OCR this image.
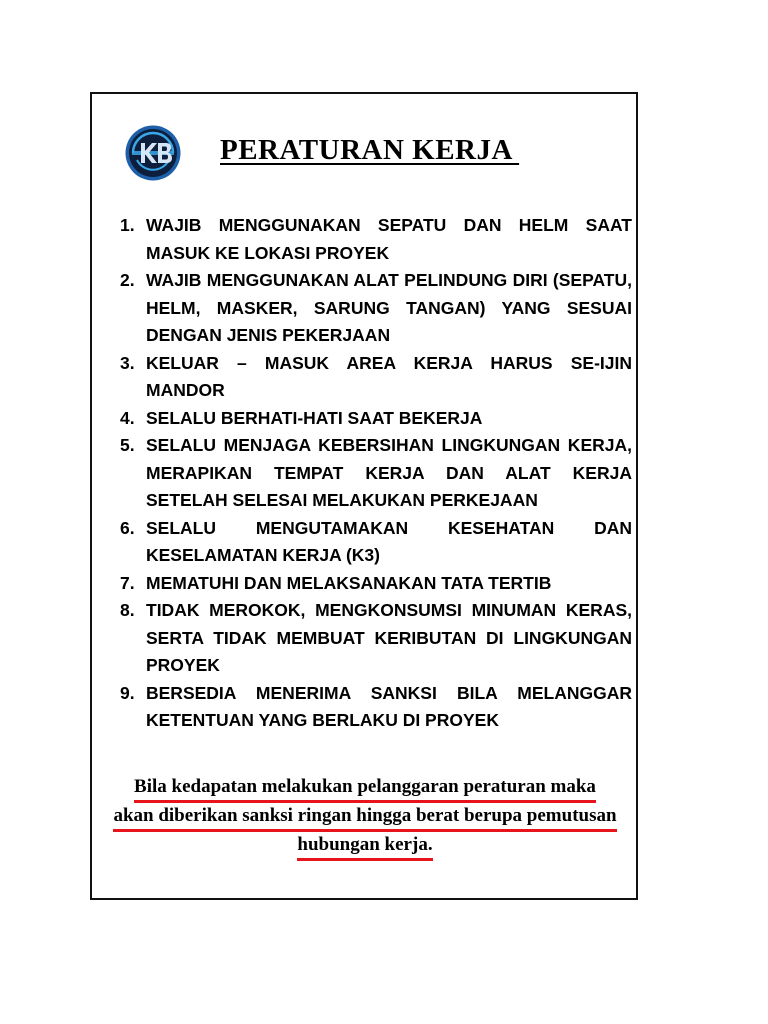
PERATURAN KERJA
1. WAJIB MENGGUNAKAN SEPATU DAN HELM SAAT MASUK KE LOKASI PROYEK
2. WAJIB MENGGUNAKAN ALAT PELINDUNG DIRI (SEPATU, HELM, MASKER, SARUNG TANGAN) YANG SESUAI DENGAN JENIS PEKERJAAN
3. KELUAR – MASUK AREA KERJA HARUS SE-IJIN MANDOR
4. SELALU BERHATI-HATI SAAT BEKERJA
5. SELALU MENJAGA KEBERSIHAN LINGKUNGAN KERJA, MERAPIKAN TEMPAT KERJA DAN ALAT KERJA SETELAH SELESAI MELAKUKAN PERKEJAAN
6. SELALU MENGUTAMAKAN KESEHATAN DAN KESELAMATAN KERJA (K3)
7. MEMATUHI DAN MELAKSANAKAN TATA TERTIB
8. TIDAK MEROKOK, MENGKONSUMSI MINUMAN KERAS, SERTA TIDAK MEMBUAT KERIBUTAN DI LINGKUNGAN PROYEK
9. BERSEDIA MENERIMA SANKSI BILA MELANGGAR KETENTUAN YANG BERLAKU DI PROYEK
Bila kedapatan melakukan pelanggaran peraturan maka
akan diberikan sanksi ringan hingga berat berupa pemutusan
hubungan kerja.
